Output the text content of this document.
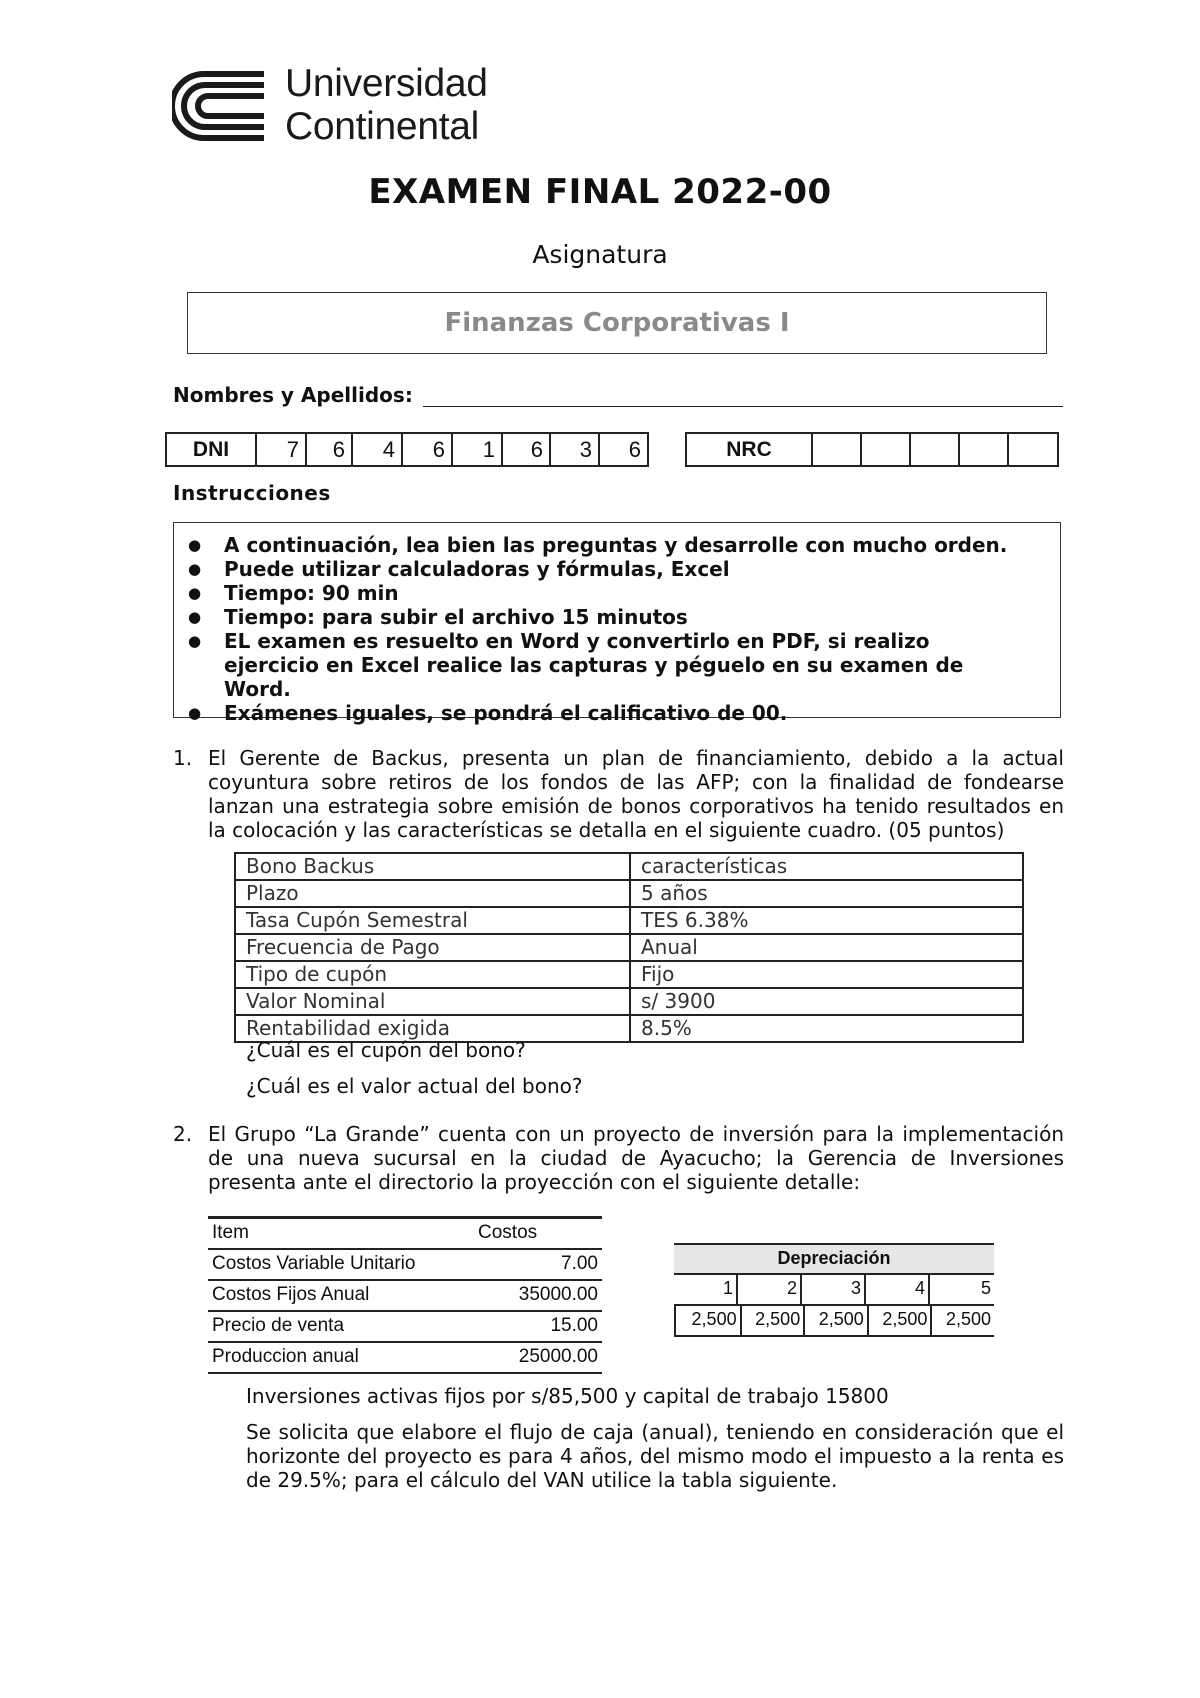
Universidad
Continental
EXAMEN FINAL 2022-00
Asignatura
Finanzas Corporativas I
Nombres y Apellidos:
DNI	7	6	4	6	1	6	3	6	NRC					
Instrucciones
● A continuación, lea bien las preguntas y desarrolle con mucho orden.
● Puede utilizar calculadoras y fórmulas, Excel
● Tiempo: 90 min
● Tiempo: para subir el archivo 15 minutos
● EL examen es resuelto en Word y convertirlo en PDF, si realizo ejercicio en Excel realice las capturas y péguelo en su examen de Word.
● Exámenes iguales, se pondrá el calificativo de 00.
1. El Gerente de Backus, presenta un plan de financiamiento, debido a la actual coyuntura sobre retiros de los fondos de las AFP; con la finalidad de fondearse lanzan una estrategia sobre emisión de bonos corporativos ha tenido resultados en la colocación y las características se detalla en el siguiente cuadro. (05 puntos)
Bono Backus	características
Plazo	5 años
Tasa Cupón Semestral	TES 6.38%
Frecuencia de Pago	Anual
Tipo de cupón	Fijo
Valor Nominal	s/ 3900
Rentabilidad exigida	8.5%
¿Cuál es el cupón del bono?
¿Cuál es el valor actual del bono?
2. El Grupo “La Grande” cuenta con un proyecto de inversión para la implementación de una nueva sucursal en la ciudad de Ayacucho; la Gerencia de Inversiones presenta ante el directorio la proyección con el siguiente detalle:
Item	Costos
Costos Variable Unitario	7.00
Costos Fijos Anual	35000.00
Precio de venta	15.00
Produccion anual	25000.00
Depreciación
1	2	3	4	5
2,500	2,500	2,500	2,500	2,500
Inversiones activas fijos por s/85,500 y capital de trabajo 15800
Se solicita que elabore el flujo de caja (anual), teniendo en consideración que el horizonte del proyecto es para 4 años, del mismo modo el impuesto a la renta es de 29.5%; para el cálculo del VAN utilice la tabla siguiente.
